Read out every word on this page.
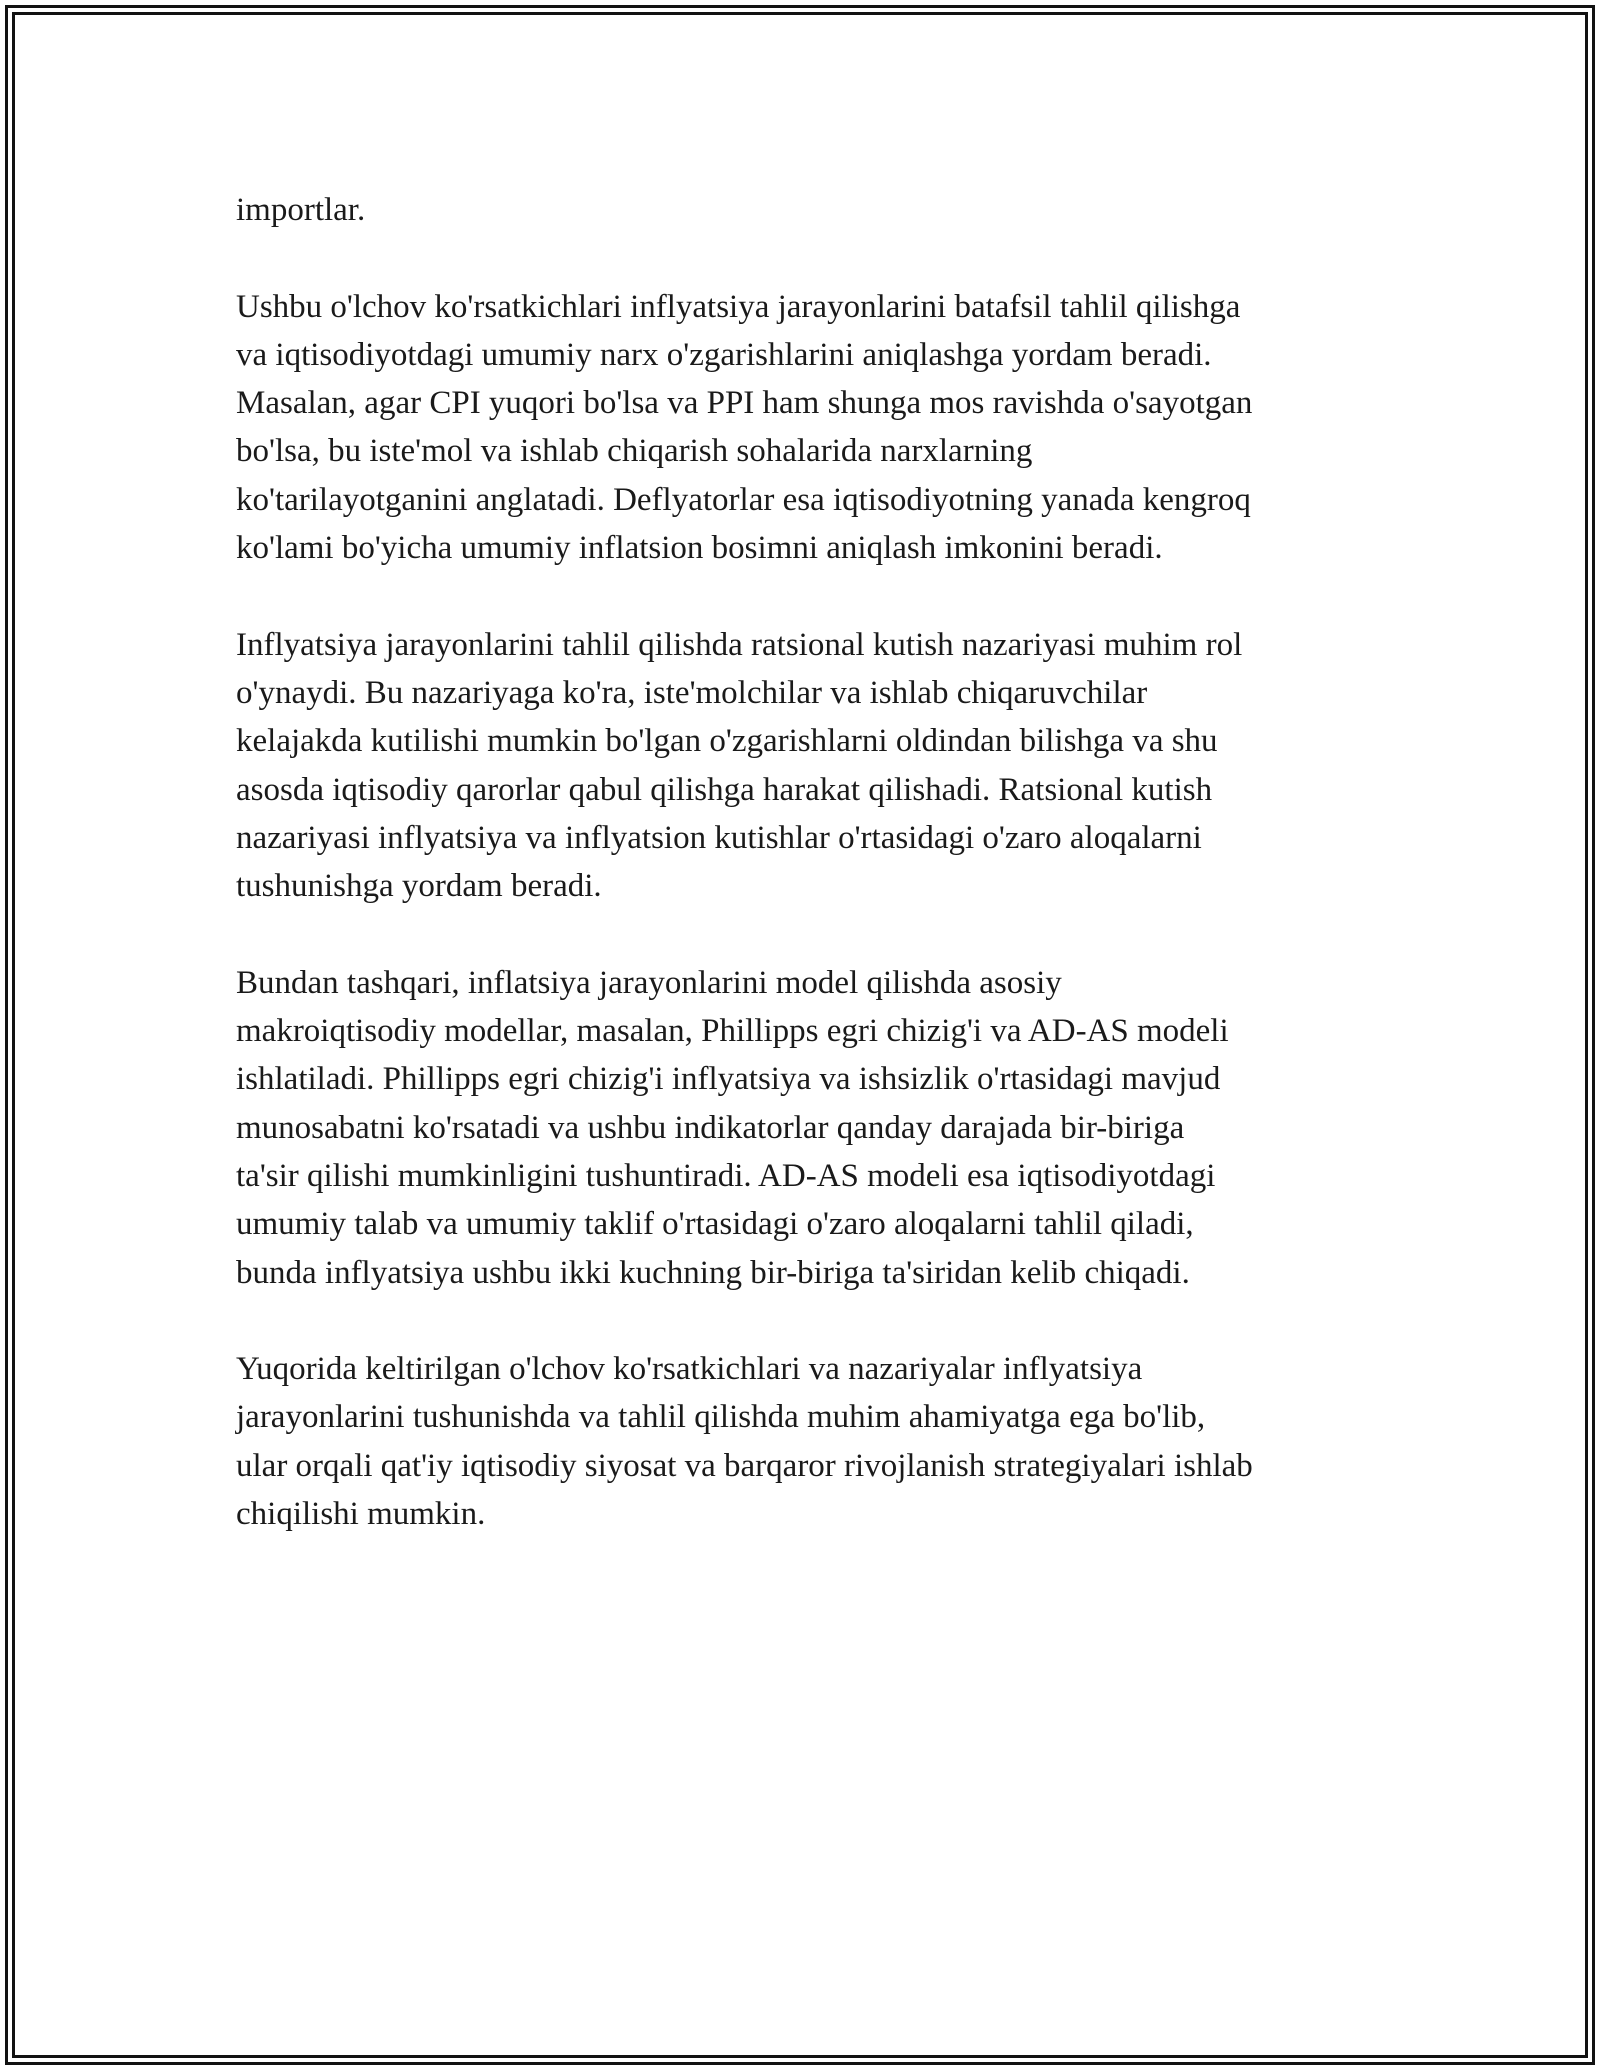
importlar.

Ushbu o'lchov ko'rsatkichlari inflyatsiya jarayonlarini batafsil tahlil qilishga
va iqtisodiyotdagi umumiy narx o'zgarishlarini aniqlashga yordam beradi.
Masalan, agar CPI yuqori bo'lsa va PPI ham shunga mos ravishda o'sayotgan
bo'lsa, bu iste'mol va ishlab chiqarish sohalarida narxlarning
ko'tarilayotganini anglatadi. Deflyatorlar esa iqtisodiyotning yanada kengroq
ko'lami bo'yicha umumiy inflatsion bosimni aniqlash imkonini beradi.

Inflyatsiya jarayonlarini tahlil qilishda ratsional kutish nazariyasi muhim rol
o'ynaydi. Bu nazariyaga ko'ra, iste'molchilar va ishlab chiqaruvchilar
kelajakda kutilishi mumkin bo'lgan o'zgarishlarni oldindan bilishga va shu
asosda iqtisodiy qarorlar qabul qilishga harakat qilishadi. Ratsional kutish
nazariyasi inflyatsiya va inflyatsion kutishlar o'rtasidagi o'zaro aloqalarni
tushunishga yordam beradi.

Bundan tashqari, inflatsiya jarayonlarini model qilishda asosiy
makroiqtisodiy modellar, masalan, Phillipps egri chizig'i va AD-AS modeli
ishlatiladi. Phillipps egri chizig'i inflyatsiya va ishsizlik o'rtasidagi mavjud
munosabatni ko'rsatadi va ushbu indikatorlar qanday darajada bir-biriga
ta'sir qilishi mumkinligini tushuntiradi. AD-AS modeli esa iqtisodiyotdagi
umumiy talab va umumiy taklif o'rtasidagi o'zaro aloqalarni tahlil qiladi,
bunda inflyatsiya ushbu ikki kuchning bir-biriga ta'siridan kelib chiqadi.

Yuqorida keltirilgan o'lchov ko'rsatkichlari va nazariyalar inflyatsiya
jarayonlarini tushunishda va tahlil qilishda muhim ahamiyatga ega bo'lib,
ular orqali qat'iy iqtisodiy siyosat va barqaror rivojlanish strategiyalari ishlab
chiqilishi mumkin.
